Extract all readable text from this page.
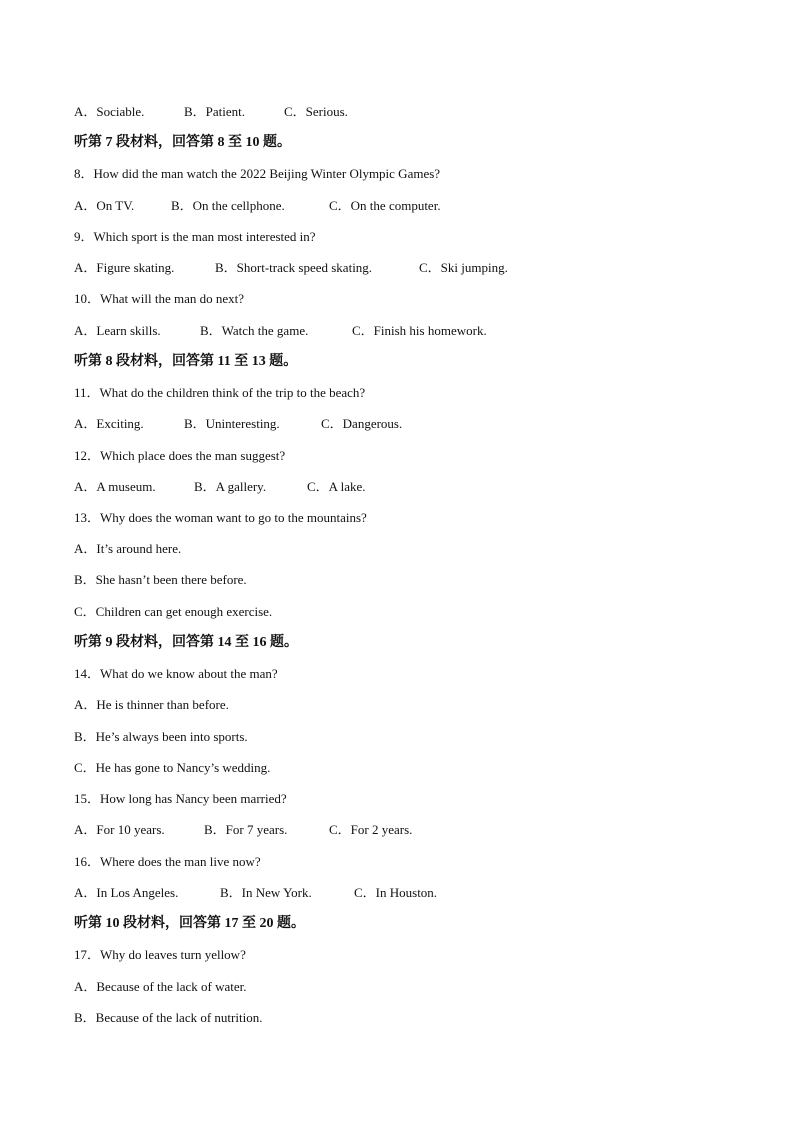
A．Sociable.	B．Patient.	C．Serious.
听第 7 段材料，回答第 8 至 10 题。
8．How did the man watch the 2022 Beijing Winter Olympic Games?
A．On TV.	B．On the cellphone.	C．On the computer.
9．Which sport is the man most interested in?
A．Figure skating.	B．Short-track speed skating.	C．Ski jumping.
10．What will the man do next?
A．Learn skills.	B．Watch the game.	C．Finish his homework.
听第 8 段材料，回答第 11 至 13 题。
11．What do the children think of the trip to the beach?
A．Exciting.	B．Uninteresting.	C．Dangerous.
12．Which place does the man suggest?
A．A museum.	B．A gallery.	C．A lake.
13．Why does the woman want to go to the mountains?
A．It’s around here.
B．She hasn’t been there before.
C．Children can get enough exercise.
听第 9 段材料，回答第 14 至 16 题。
14．What do we know about the man?
A．He is thinner than before.
B．He’s always been into sports.
C．He has gone to Nancy’s wedding.
15．How long has Nancy been married?
A．For 10 years.	B．For 7 years.	C．For 2 years.
16．Where does the man live now?
A．In Los Angeles.	B．In New York.	C．In Houston.
听第 10 段材料，回答第 17 至 20 题。
17．Why do leaves turn yellow?
A．Because of the lack of water.
B．Because of the lack of nutrition.
